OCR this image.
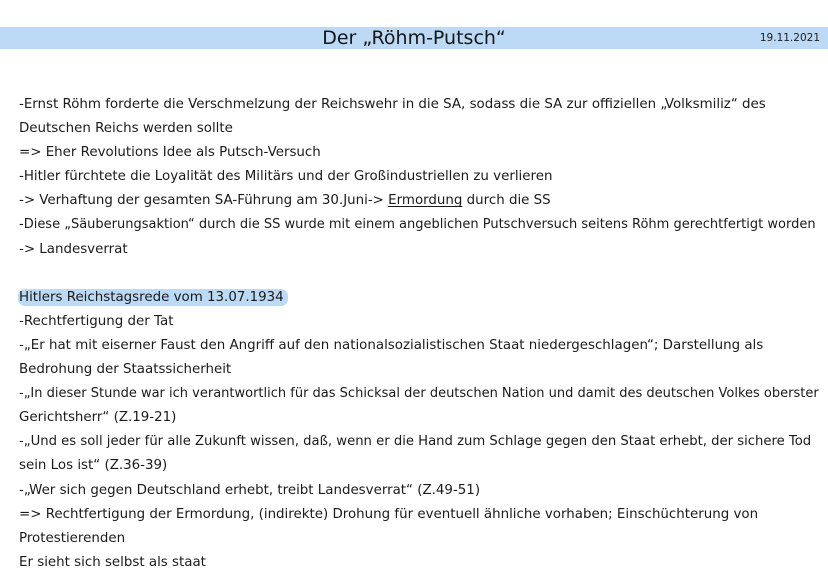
Der „Röhm-Putsch“	19.11.2021
-Ernst Röhm forderte die Verschmelzung der Reichswehr in die SA, sodass die SA zur offiziellen „Volksmiliz“ des
Deutschen Reichs werden sollte
=> Eher Revolutions Idee als Putsch-Versuch
-Hitler fürchtete die Loyalität des Militärs und der Großindustriellen zu verlieren
-> Verhaftung der gesamten SA-Führung am 30.Juni-> Ermordung durch die SS
-Diese „Säuberungsaktion“ durch die SS wurde mit einem angeblichen Putschversuch seitens Röhm gerechtfertigt worden
-> Landesverrat
Hitlers Reichstagsrede vom 13.07.1934
-Rechtfertigung der Tat
-„Er hat mit eiserner Faust den Angriff auf den nationalsozialistischen Staat niedergeschlagen“; Darstellung als
Bedrohung der Staatssicherheit
-„In dieser Stunde war ich verantwortlich für das Schicksal der deutschen Nation und damit des deutschen Volkes oberster
Gerichtsherr“ (Z.19-21)
-„Und es soll jeder für alle Zukunft wissen, daß, wenn er die Hand zum Schlage gegen den Staat erhebt, der sichere Tod
sein Los ist“ (Z.36-39)
-„Wer sich gegen Deutschland erhebt, treibt Landesverrat“ (Z.49-51)
=> Rechtfertigung der Ermordung, (indirekte) Drohung für eventuell ähnliche vorhaben; Einschüchterung von
Protestierenden
Er sieht sich selbst als staat
